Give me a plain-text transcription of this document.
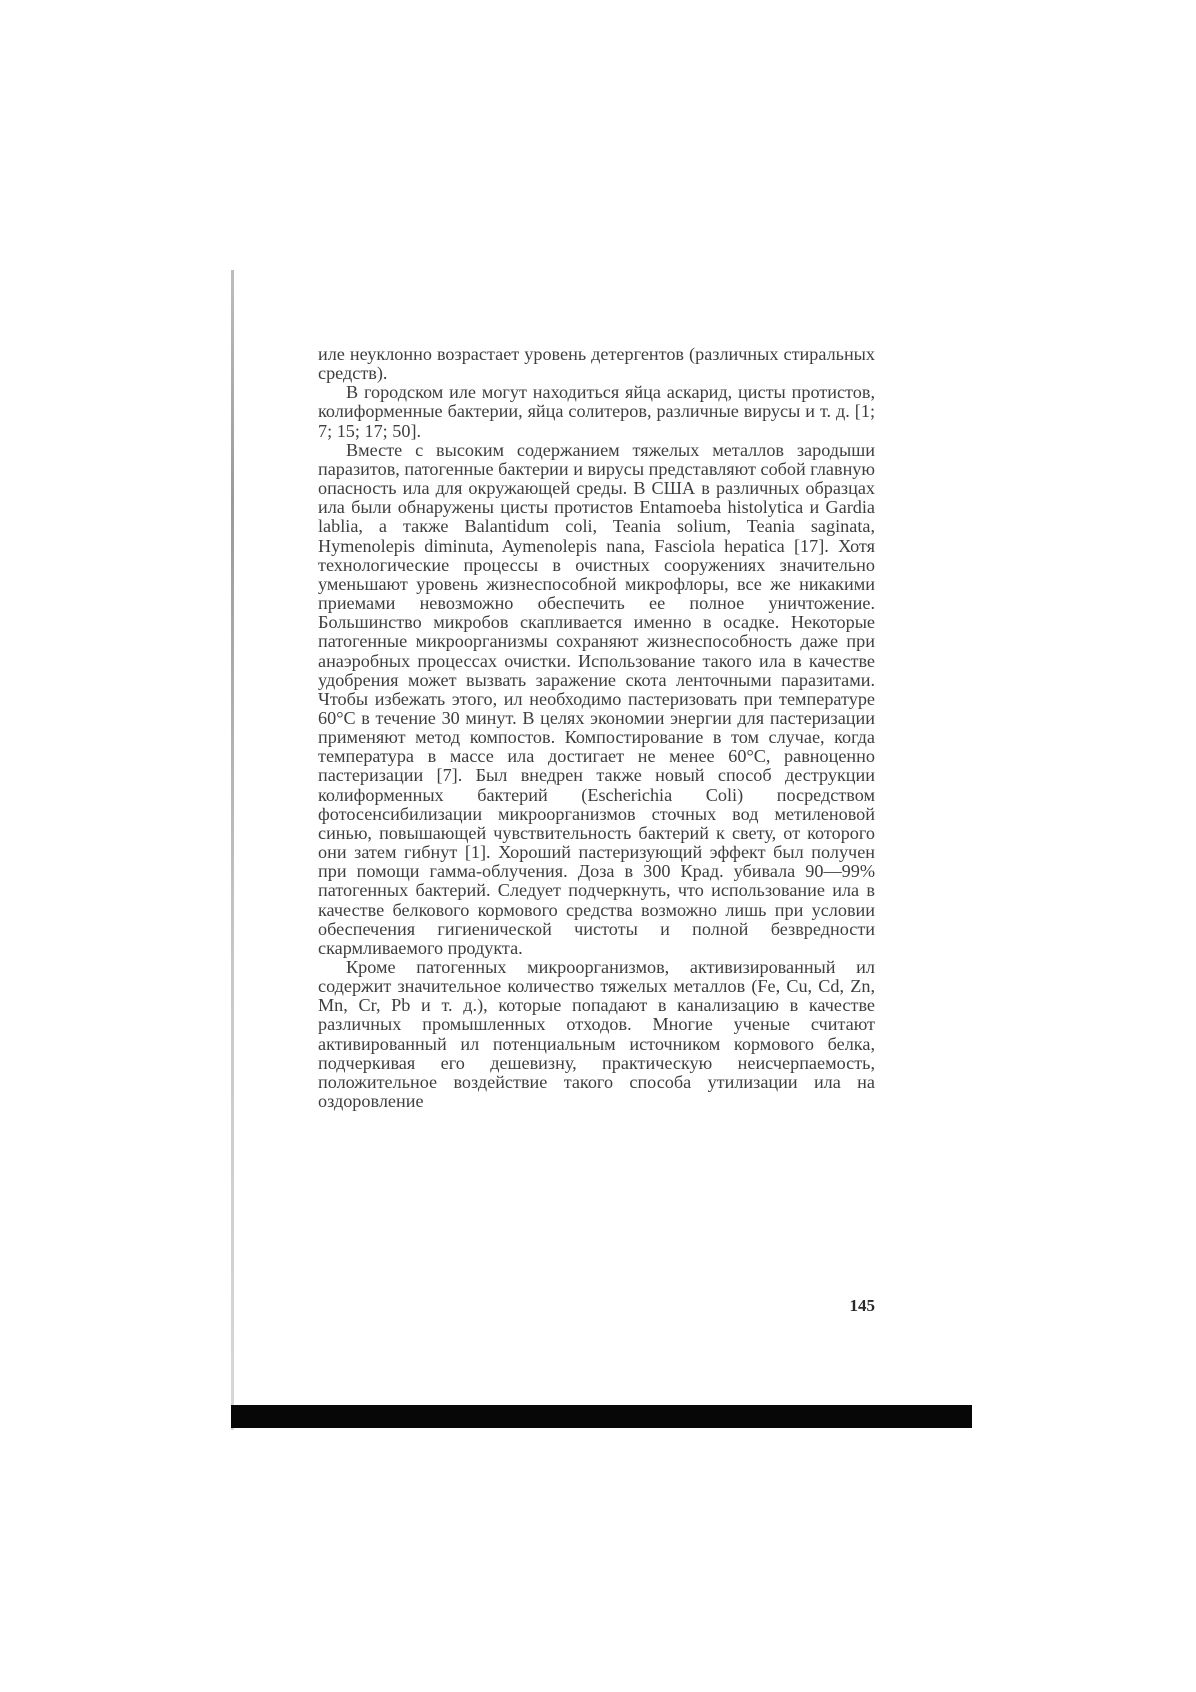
иле неуклонно возрастает уровень детергентов (различных стиральных средств).

В городском иле могут находиться яйца аскарид, цисты протистов, колиформенные бактерии, яйца солитеров, различные вирусы и т. д. [1; 7; 15; 17; 50].

Вместе с высоким содержанием тяжелых металлов зародыши паразитов, патогенные бактерии и вирусы представляют собой главную опасность ила для окружающей среды. В США в различных образцах ила были обнаружены цисты протистов Entamoeba histolytica и Gardia lablia, а также Balantidum coli, Teania solium, Teania saginata, Hymenolepis diminuta, Aymenolepis nana, Fasciola hepatica [17]. Хотя технологические процессы в очистных сооружениях значительно уменьшают уровень жизнеспособной микрофлоры, все же никакими приемами невозможно обеспечить ее полное уничтожение. Большинство микробов скапливается именно в осадке. Некоторые патогенные микроорганизмы сохраняют жизнеспособность даже при анаэробных процессах очистки. Использование такого ила в качестве удобрения может вызвать заражение скота ленточными паразитами. Чтобы избежать этого, ил необходимо пастеризовать при температуре 60°С в течение 30 минут. В целях экономии энергии для пастеризации применяют метод компостов. Компостирование в том случае, когда температура в массе ила достигает не менее 60°С, равноценно пастеризации [7]. Был внедрен также новый способ деструкции колиформенных бактерий (Escherichia Coli) посредством фотосенсибилизации микроорганизмов сточных вод метиленовой синью, повышающей чувствительность бактерий к свету, от которого они затем гибнут [1]. Хороший пастеризующий эффект был получен при помощи гамма-облучения. Доза в 300 Крад. убивала 90—99% патогенных бактерий. Следует подчеркнуть, что использование ила в качестве белкового кормового средства возможно лишь при условии обеспечения гигиенической чистоты и полной безвредности скармливаемого продукта.

Кроме патогенных микроорганизмов, активизированный ил содержит значительное количество тяжелых металлов (Fe, Cu, Cd, Zn, Mn, Cr, Pb и т. д.), которые попадают в канализацию в качестве различных промышленных отходов. Многие ученые считают активированный ил потенциальным источником кормового белка, подчеркивая его дешевизну, практическую неисчерпаемость, положительное воздействие такого способа утилизации ила на оздоровление

145
